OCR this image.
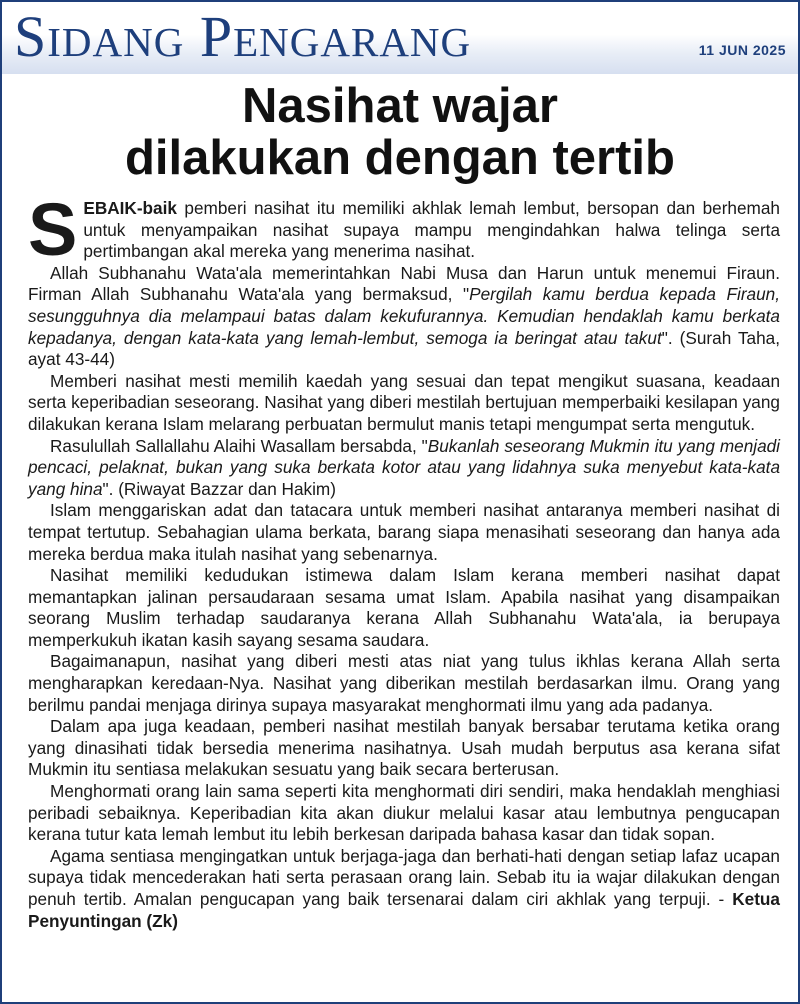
Sidang Pengarang	11 JUN 2025
Nasihat wajar
dilakukan dengan tertib

SEBAIK-baik pemberi nasihat itu memiliki akhlak lemah lembut, bersopan dan berhemah untuk menyampaikan nasihat supaya mampu mengindahkan halwa telinga serta pertimbangan akal mereka yang menerima nasihat.

Allah Subhanahu Wata'ala memerintahkan Nabi Musa dan Harun untuk menemui Firaun. Firman Allah Subhanahu Wata'ala yang bermaksud, "Pergilah kamu berdua kepada Firaun, sesungguhnya dia melampaui batas dalam kekufurannya. Kemudian hendaklah kamu berkata kepadanya, dengan kata-kata yang lemah-lembut, semoga ia beringat atau takut". (Surah Taha, ayat 43-44)

Memberi nasihat mesti memilih kaedah yang sesuai dan tepat mengikut suasana, keadaan serta keperibadian seseorang. Nasihat yang diberi mestilah bertujuan memperbaiki kesilapan yang dilakukan kerana Islam melarang perbuatan bermulut manis tetapi mengumpat serta mengutuk.

Rasulullah Sallallahu Alaihi Wasallam bersabda, "Bukanlah seseorang Mukmin itu yang menjadi pencaci, pelaknat, bukan yang suka berkata kotor atau yang lidahnya suka menyebut kata-kata yang hina". (Riwayat Bazzar dan Hakim)

Islam menggariskan adat dan tatacara untuk memberi nasihat antaranya memberi nasihat di tempat tertutup. Sebahagian ulama berkata, barang siapa menasihati seseorang dan hanya ada mereka berdua maka itulah nasihat yang sebenarnya.

Nasihat memiliki kedudukan istimewa dalam Islam kerana memberi nasihat dapat memantapkan jalinan persaudaraan sesama umat Islam. Apabila nasihat yang disampaikan seorang Muslim terhadap saudaranya kerana Allah Subhanahu Wata'ala, ia berupaya memperkukuh ikatan kasih sayang sesama saudara.

Bagaimanapun, nasihat yang diberi mesti atas niat yang tulus ikhlas kerana Allah serta mengharapkan keredaan-Nya. Nasihat yang diberikan mestilah berdasarkan ilmu. Orang yang berilmu pandai menjaga dirinya supaya masyarakat menghormati ilmu yang ada padanya.

Dalam apa juga keadaan, pemberi nasihat mestilah banyak bersabar terutama ketika orang yang dinasihati tidak bersedia menerima nasihatnya. Usah mudah berputus asa kerana sifat Mukmin itu sentiasa melakukan sesuatu yang baik secara berterusan.

Menghormati orang lain sama seperti kita menghormati diri sendiri, maka hendaklah menghiasi peribadi sebaiknya. Keperibadian kita akan diukur melalui kasar atau lembutnya pengucapan kerana tutur kata lemah lembut itu lebih berkesan daripada bahasa kasar dan tidak sopan.

Agama sentiasa mengingatkan untuk berjaga-jaga dan berhati-hati dengan setiap lafaz ucapan supaya tidak mencederakan hati serta perasaan orang lain. Sebab itu ia wajar dilakukan dengan penuh tertib. Amalan pengucapan yang baik tersenarai dalam ciri akhlak yang terpuji. - Ketua Penyuntingan (Zk)
